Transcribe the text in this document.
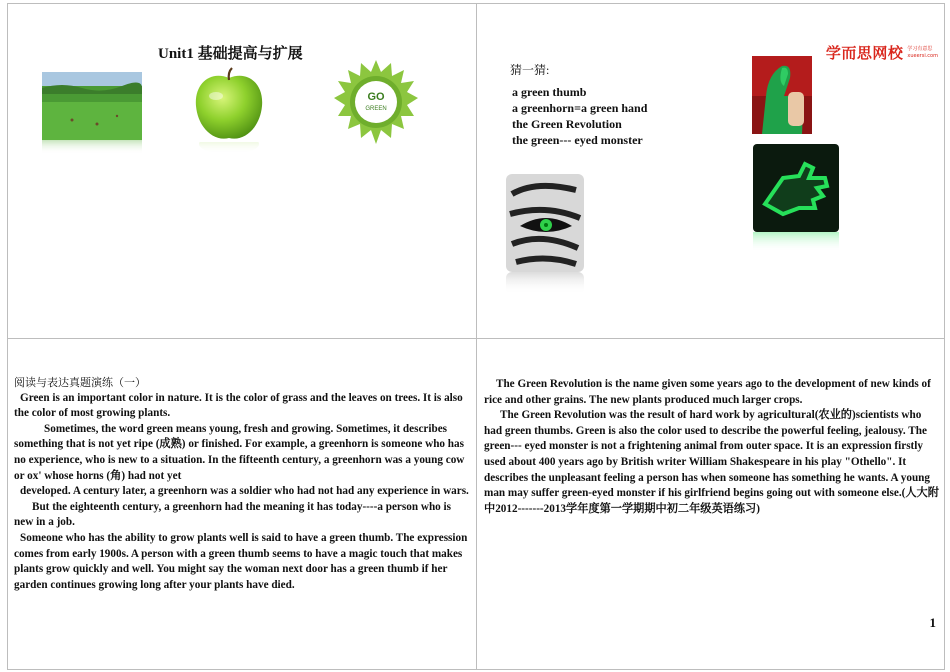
Unit1 基础提高与扩展
GO
GREEN
学而思网校 学习有意思
xueersi.com
猜一猜:
a green thumb
a greenhorn=a green hand
the Green Revolution
the green--- eyed monster
阅读与表达真题演练（一）

Green is an important color in nature. It is the color of grass and the leaves on trees. It is also the color of most growing plants.

Sometimes, the word green means young, fresh and growing. Sometimes, it describes something that is not yet ripe (成熟) or finished. For example, a greenhorn is someone who has no experience, who is new to a situation. In the fifteenth century, a greenhorn was a young cow or ox' whose horns (角) had not yet

developed. A century later, a greenhorn was a soldier who had not had any experience in wars.

But the eighteenth century, a greenhorn had the meaning it has today----a person who is new in a job.

Someone who has the ability to grow plants well is said to have a green thumb. The expression comes from early 1900s. A person with a green thumb seems to have a magic touch that makes plants grow quickly and well. You might say the woman next door has a green thumb if her garden continues growing long after your plants have died.

The Green Revolution is the name given some years ago to the development of new kinds of rice and other grains. The new plants produced much larger crops.

The Green Revolution was the result of hard work by agricultural(农业的)scientists who had green thumbs. Green is also the color used to describe the powerful feeling, jealousy. The green--- eyed monster is not a frightening animal from outer space. It is an expression firstly used about 400 years ago by British writer William Shakespeare in his play "Othello". It describes the unpleasant feeling a person has when someone has something he wants. A young man may suffer green-eyed monster if his girlfriend begins going out with someone else.(人大附中2012-------2013学年度第一学期期中初二年级英语练习)

1
